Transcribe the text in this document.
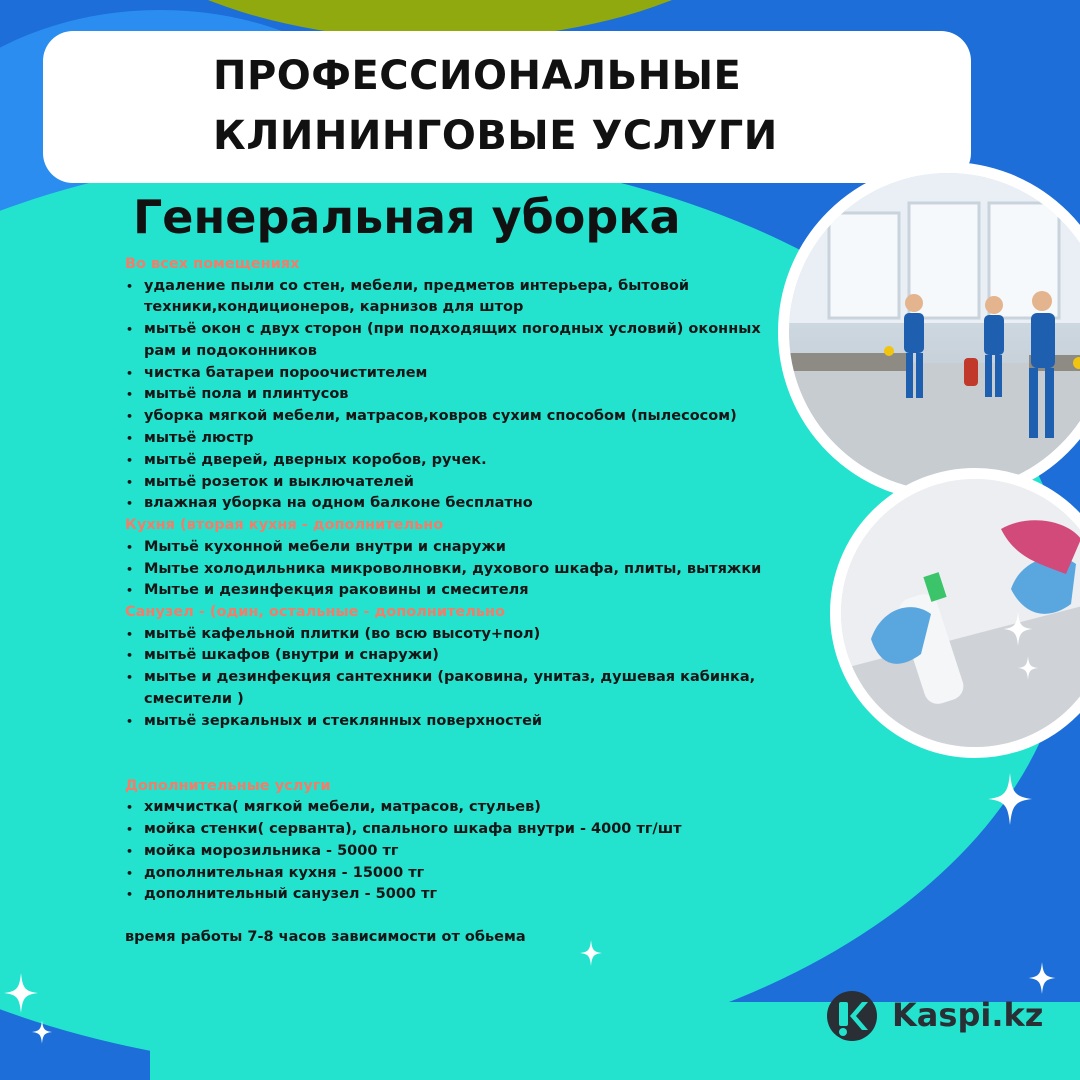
ПРОФЕССИОНАЛЬНЫЕ
КЛИНИНГОВЫЕ УСЛУГИ
Генеральная уборка
Во всех помещениях
• удаление пыли со стен, мебели, предметов интерьера, бытовой техники,кондиционеров, карнизов для штор
• мытьё окон с двух сторон (при подходящих погодных условий) оконных рам и подоконников
• чистка батареи пороочистителем
• мытьё пола и плинтусов
• уборка мягкой мебели, матрасов,ковров сухим способом (пылесосом)
• мытьё люстр
• мытьё дверей, дверных коробов, ручек.
• мытьё розеток и выключателей
• влажная уборка на одном балконе бесплатно
Кухня (вторая кухня - дополнительно
• Мытьё кухонной мебели внутри и снаружи
• Мытье холодильника микроволновки, духового шкафа, плиты, вытяжки
• Мытье и дезинфекция раковины и смесителя
Санузел - (один, остальные - дополнительно
• мытьё кафельной плитки (во всю высоту+пол)
• мытьё шкафов (внутри и снаружи)
• мытье и дезинфекция сантехники (раковина, унитаз, душевая кабинка, смесители )
• мытьё зеркальных и стеклянных поверхностей
Дополнительные услуги
• химчистка( мягкой мебели, матрасов, стульев)
• мойка стенки( серванта), спального шкафа внутри - 4000 тг/шт
• мойка морозильника - 5000 тг
• дополнительная кухня - 15000 тг
• дополнительный санузел - 5000 тг
время работы 7-8 часов зависимости от обьема
Kaspi.kz
